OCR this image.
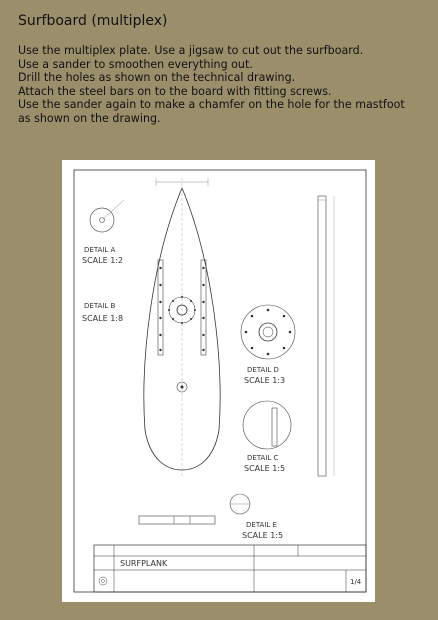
Surfboard (multiplex)
Use the multiplex plate. Use a jigsaw to cut out the surfboard.
Use a sander to smoothen everything out.
Drill the holes as shown on the technical drawing.
Attach the steel bars on to the board with fitting screws.
Use the sander again to make a chamfer on the hole for the mastfoot
as shown on the drawing.
DETAIL A
SCALE 1:2
DETAIL B
SCALE 1:8
DETAIL D
SCALE 1:3
DETAIL C
SCALE 1:5
DETAIL E
SCALE 1:5
SURFPLANK
1/4
